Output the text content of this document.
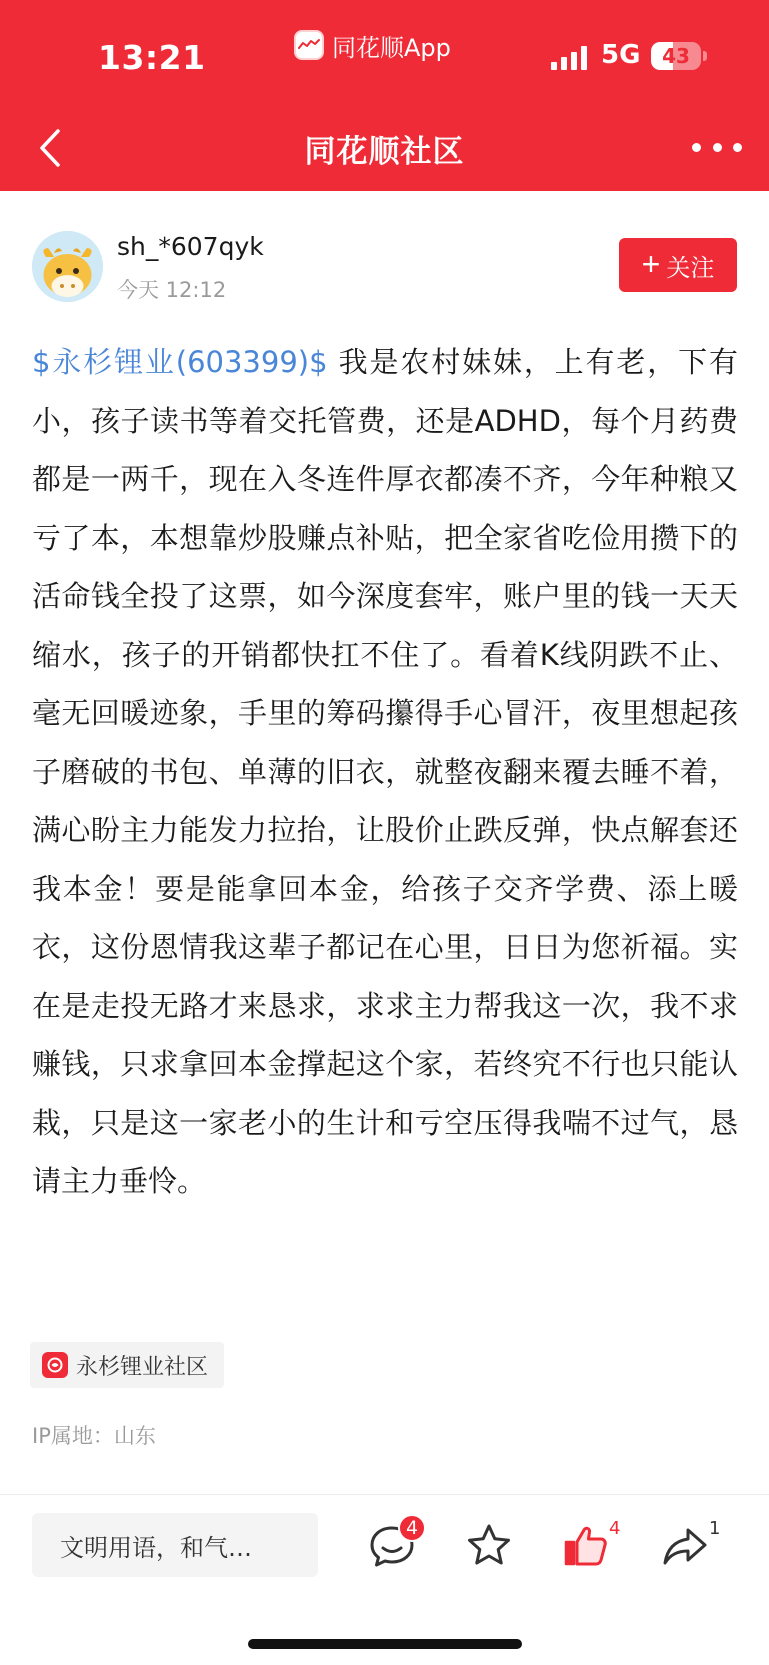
13:21	同花顺App	5G	43
同花顺社区
sh_*607qyk
今天 12:12
+ 关注
$永杉锂业(603399)$ 我是农村妹妹，上有老，下有小，孩子读书等着交托管费，还是ADHD，每个月药费都是一两千，现在入冬连件厚衣都凑不齐，今年种粮又亏了本，本想靠炒股赚点补贴，把全家省吃俭用攒下的活命钱全投了这票，如今深度套牢，账户里的钱一天天缩水，孩子的开销都快扛不住了。看着K线阴跌不止、毫无回暖迹象，手里的筹码攥得手心冒汗，夜里想起孩子磨破的书包、单薄的旧衣，就整夜翻来覆去睡不着，满心盼主力能发力拉抬，让股价止跌反弹，快点解套还我本金！要是能拿回本金，给孩子交齐学费、添上暖衣，这份恩情我这辈子都记在心里，日日为您祈福。实在是走投无路才来恳求，求求主力帮我这一次，我不求赚钱，只求拿回本金撑起这个家，若终究不行也只能认栽，只是这一家老小的生计和亏空压得我喘不过气，恳请主力垂怜。
永杉锂业社区
IP属地：山东
文明用语，和气…
4	4	1
